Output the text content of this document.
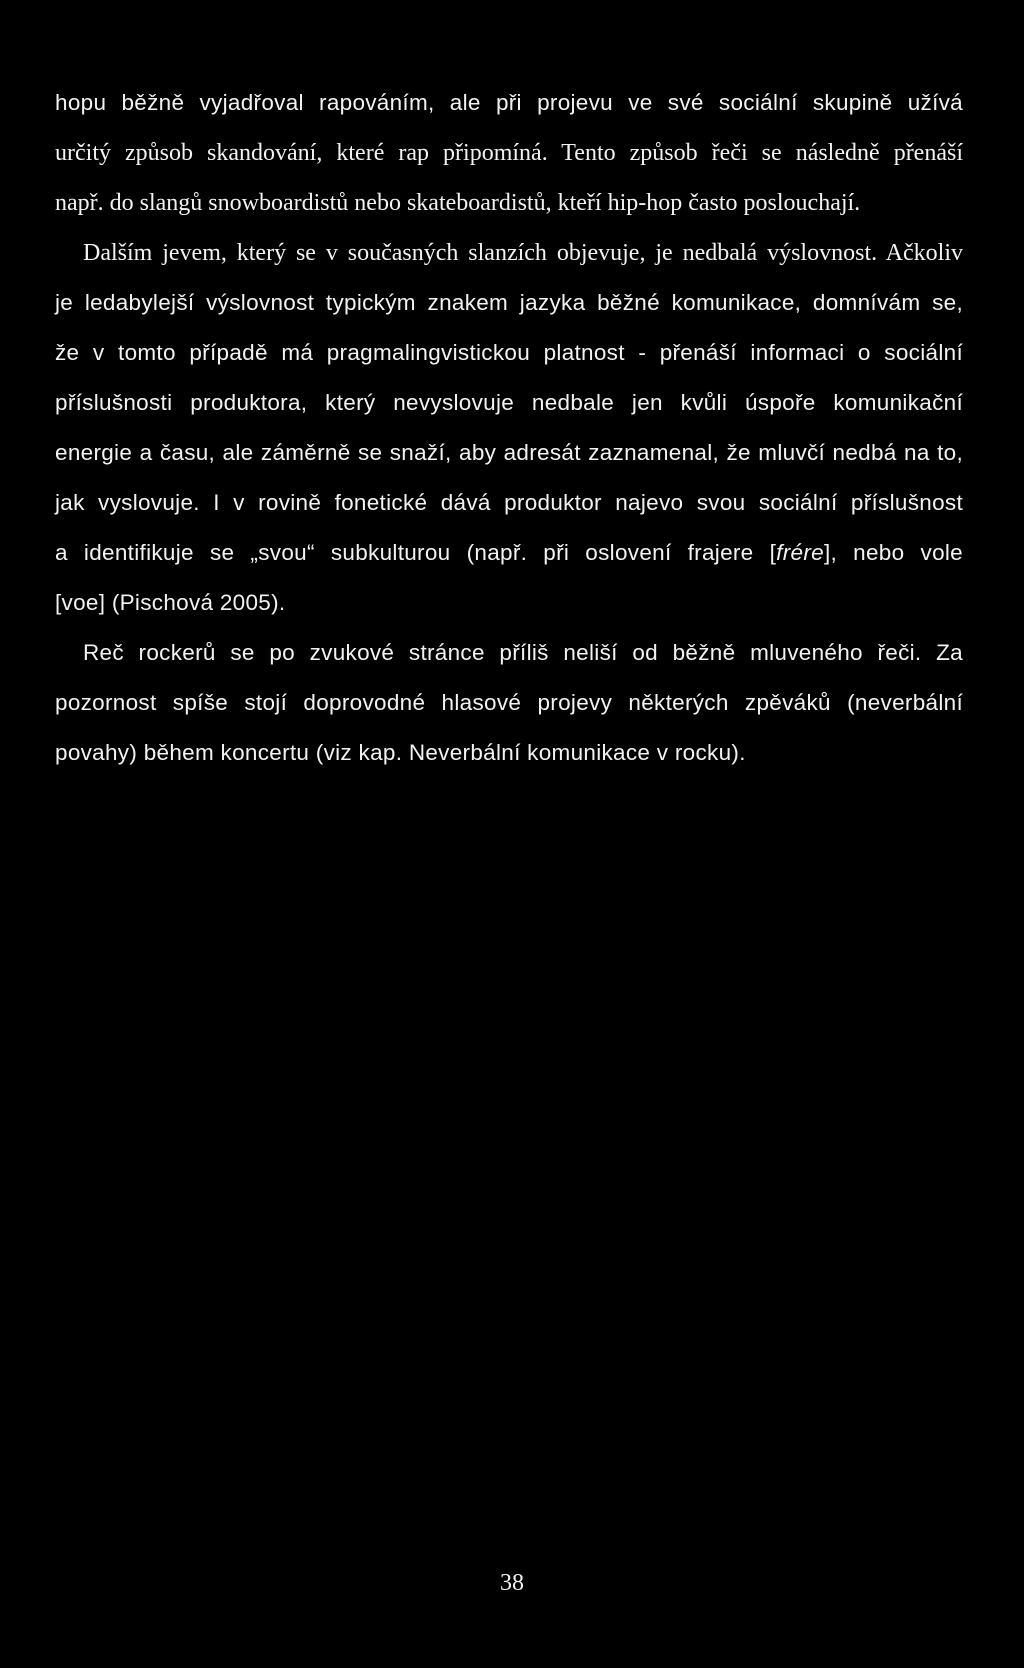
hopu běžně vyjadřoval rapováním, ale při projevu ve své sociální skupině užívá
určitý způsob skandování, které rap připomíná. Tento způsob řeči se následně přenáší
např. do slangů snowboardistů nebo skateboardistů, kteří hip-hop často poslouchají.
Dalším jevem, který se v současných slanzích objevuje, je nedbalá výslovnost. Ačkoliv
je ledabylejší výslovnost typickým znakem jazyka běžné komunikace, domnívám se,
že v tomto případě má pragmalingvistickou platnost - přenáší informaci o sociální
příslušnosti produktora, který nevyslovuje nedbale jen kvůli úspoře komunikační
energie a času, ale záměrně se snaží, aby adresát zaznamenal, že mluvčí nedbá na to,
jak vyslovuje. I v rovině fonetické dává produktor najevo svou sociální příslušnost
a identifikuje se „svou“ subkulturou (např. při oslovení frajere [frére], nebo vole
[voe] (Pischová 2005).
Reč rockerů se po zvukové stránce příliš neliší od běžně mluveného řeči. Za
pozornost spíše stojí doprovodné hlasové projevy některých zpěváků (neverbální
povahy) během koncertu (viz kap. Neverbální komunikace v rocku).
38
